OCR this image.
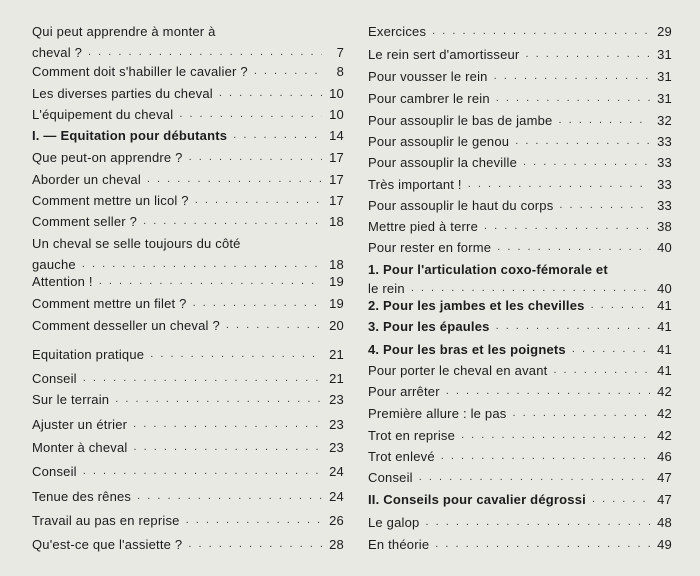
Qui peut apprendre à monter à
cheval ? . . .	7
Comment doit s'habiller le cavalier ? . . .	8
Les diverses parties du cheval . . .	10
L'équipement du cheval . . .	10
I. — Equitation pour débutants . . .	14
Que peut-on apprendre ? . . .	17
Aborder un cheval . . .	17
Comment mettre un licol ? . . .	17
Comment seller ? . . .	18
Un cheval se selle toujours du côté
gauche . . .	18
Attention ! . . .	19
Comment mettre un filet ? . . .	19
Comment desseller un cheval ? . . .	20
Equitation pratique . . .	21
Conseil . . .	21
Sur le terrain . . .	23
Ajuster un étrier . . .	23
Monter à cheval . . .	23
Conseil . . .	24
Tenue des rênes . . .	24
Travail au pas en reprise . . .	26
Qu'est-ce que l'assiette ? . . .	28
Exercices . . .	29
Le rein sert d'amortisseur . . .	31
Pour vousser le rein . . .	31
Pour cambrer le rein . . .	31
Pour assouplir le bas de jambe . . .	32
Pour assouplir le genou . . .	33
Pour assouplir la cheville . . .	33
Très important ! . . .	33
Pour assouplir le haut du corps . . .	33
Mettre pied à terre . . .	38
Pour rester en forme . . .	40
1. Pour l'articulation coxo-fémorale et
le rein . . .	40
2. Pour les jambes et les chevilles . . .	41
3. Pour les épaules . . .	41
4. Pour les bras et les poignets . . .	41
Pour porter le cheval en avant . . .	41
Pour arrêter . . .	42
Première allure : le pas . . .	42
Trot en reprise . . .	42
Trot enlevé . . .	46
Conseil . . .	47
II. Conseils pour cavalier dégrossi . . .	47
Le galop . . .	48
En théorie . . .	49
